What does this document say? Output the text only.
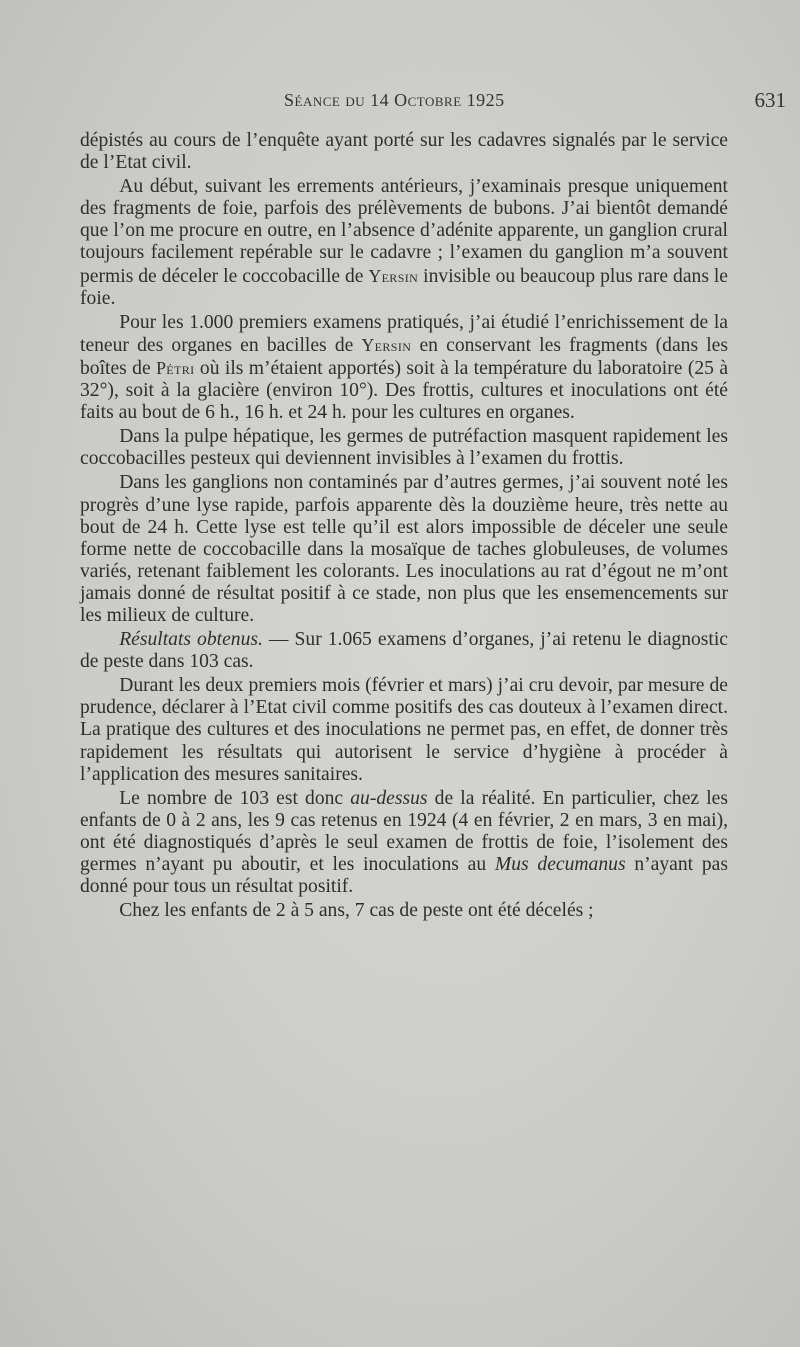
Séance du 14 Octobre 1925	631

dépistés au cours de l’enquête ayant porté sur les cadavres signalés par le service de l’Etat civil.

Au début, suivant les errements antérieurs, j’examinais presque uniquement des fragments de foie, parfois des prélèvements de bubons. J’ai bientôt demandé que l’on me procure en outre, en l’absence d’adénite apparente, un ganglion crural toujours facilement repérable sur le cadavre ; l’examen du ganglion m’a souvent permis de déceler le coccobacille de Yersin invisible ou beaucoup plus rare dans le foie.

Pour les 1.000 premiers examens pratiqués, j’ai étudié l’enrichissement de la teneur des organes en bacilles de Yersin en conservant les fragments (dans les boîtes de Pétri où ils m’étaient apportés) soit à la température du laboratoire (25 à 32°), soit à la glacière (environ 10°). Des frottis, cultures et inoculations ont été faits au bout de 6 h., 16 h. et 24 h. pour les cultures en organes.

Dans la pulpe hépatique, les germes de putréfaction masquent rapidement les coccobacilles pesteux qui deviennent invisibles à l’examen du frottis.

Dans les ganglions non contaminés par d’autres germes, j’ai souvent noté les progrès d’une lyse rapide, parfois apparente dès la douzième heure, très nette au bout de 24 h. Cette lyse est telle qu’il est alors impossible de déceler une seule forme nette de coccobacille dans la mosaïque de taches globuleuses, de volumes variés, retenant faiblement les colorants. Les inoculations au rat d’égout ne m’ont jamais donné de résultat positif à ce stade, non plus que les ensemencements sur les milieux de culture.

Résultats obtenus. — Sur 1.065 examens d’organes, j’ai retenu le diagnostic de peste dans 103 cas.

Durant les deux premiers mois (février et mars) j’ai cru devoir, par mesure de prudence, déclarer à l’Etat civil comme positifs des cas douteux à l’examen direct. La pratique des cultures et des inoculations ne permet pas, en effet, de donner très rapidement les résultats qui autorisent le service d’hygiène à procéder à l’application des mesures sanitaires.

Le nombre de 103 est donc au-dessus de la réalité. En particulier, chez les enfants de 0 à 2 ans, les 9 cas retenus en 1924 (4 en février, 2 en mars, 3 en mai), ont été diagnostiqués d’après le seul examen de frottis de foie, l’isolement des germes n’ayant pu aboutir, et les inoculations au Mus decumanus n’ayant pas donné pour tous un résultat positif.

Chez les enfants de 2 à 5 ans, 7 cas de peste ont été décelés ;
